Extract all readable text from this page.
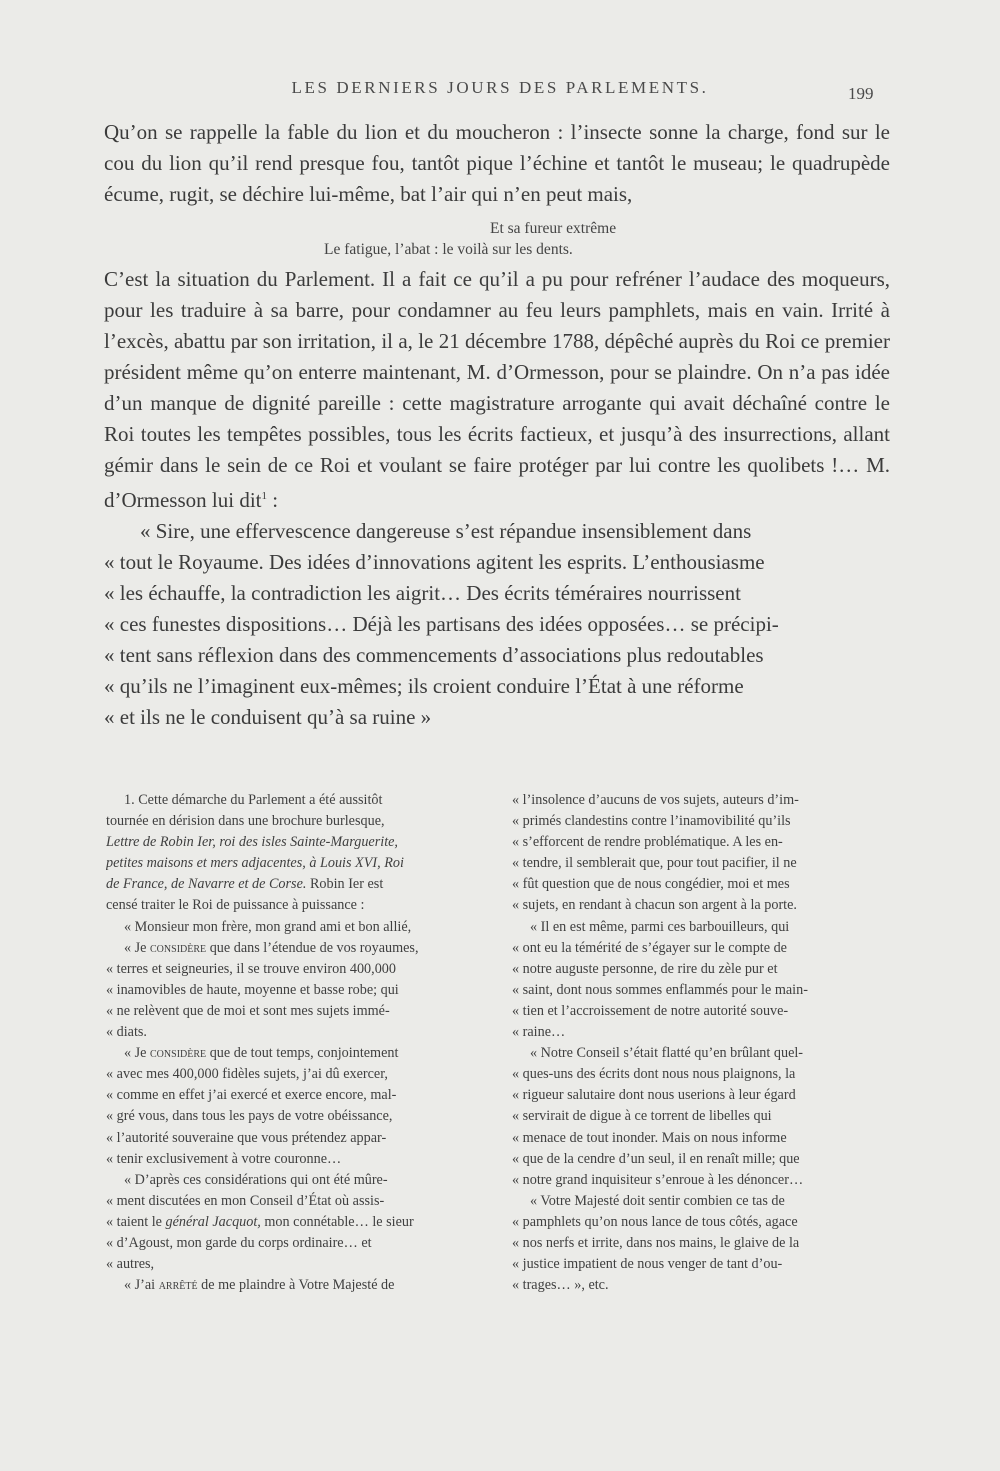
LES DERNIERS JOURS DES PARLEMENTS.	199

Qu’on se rappelle la fable du lion et du moucheron : l’insecte sonne la charge, fond sur le cou du lion qu’il rend presque fou, tantôt pique l’échine et tantôt le museau; le quadrupède écume, rugit, se déchire lui-même, bat l’air qui n’en peut mais,

Et sa fureur extrême
Le fatigue, l’abat : le voilà sur les dents.

C’est la situation du Parlement. Il a fait ce qu’il a pu pour refréner l’audace des moqueurs, pour les traduire à sa barre, pour condamner au feu leurs pamphlets, mais en vain. Irrité à l’excès, abattu par son irritation, il a, le 21 décembre 1788, dépêché auprès du Roi ce premier président même qu’on enterre maintenant, M. d’Ormesson, pour se plaindre. On n’a pas idée d’un manque de dignité pareille : cette magistrature arrogante qui avait déchaîné contre le Roi toutes les tempêtes possibles, tous les écrits factieux, et jusqu’à des insurrections, allant gémir dans le sein de ce Roi et voulant se faire protéger par lui contre les quolibets !… M. d’Ormesson lui dit$^1$ :

« Sire, une effervescence dangereuse s’est répandue insensiblement dans
« tout le Royaume. Des idées d’innovations agitent les esprits. L’enthousiasme
« les échauffe, la contradiction les aigrit… Des écrits téméraires nourrissent
« ces funestes dispositions… Déjà les partisans des idées opposées… se précipi-
« tent sans réflexion dans des commencements d’associations plus redoutables
« qu’ils ne l’imaginent eux-mêmes; ils croient conduire l’État à une réforme
« et ils ne le conduisent qu’à sa ruine »
1. Cette démarche du Parlement a été aussitôt
tournée en dérision dans une brochure burlesque,
Lettre de Robin Ier, roi des isles Sainte-Marguerite,
petites maisons et mers adjacentes, à Louis XVI, Roi
de France, de Navarre et de Corse. Robin Ier est
censé traiter le Roi de puissance à puissance :
« Monsieur mon frère, mon grand ami et bon allié,
« Je considère que dans l’étendue de vos royaumes,
« terres et seigneuries, il se trouve environ 400,000
« inamovibles de haute, moyenne et basse robe; qui
« ne relèvent que de moi et sont mes sujets immé-
« diats.
« Je considère que de tout temps, conjointement
« avec mes 400,000 fidèles sujets, j’ai dû exercer,
« comme en effet j’ai exercé et exerce encore, mal-
« gré vous, dans tous les pays de votre obéissance,
« l’autorité souveraine que vous prétendez appar-
« tenir exclusivement à votre couronne…
« D’après ces considérations qui ont été mûre-
« ment discutées en mon Conseil d’État où assis-
« taient le général Jacquot, mon connétable… le sieur
« d’Agoust, mon garde du corps ordinaire… et
« autres,
« J’ai arrêté de me plaindre à Votre Majesté de
« l’insolence d’aucuns de vos sujets, auteurs d’im-
« primés clandestins contre l’inamovibilité qu’ils
« s’efforcent de rendre problématique. A les en-
« tendre, il semblerait que, pour tout pacifier, il ne
« fût question que de nous congédier, moi et mes
« sujets, en rendant à chacun son argent à la porte.
« Il en est même, parmi ces barbouilleurs, qui
« ont eu la témérité de s’égayer sur le compte de
« notre auguste personne, de rire du zèle pur et
« saint, dont nous sommes enflammés pour le main-
« tien et l’accroissement de notre autorité souve-
« raine…
« Notre Conseil s’était flatté qu’en brûlant quel-
« ques-uns des écrits dont nous nous plaignons, la
« rigueur salutaire dont nous userions à leur égard
« servirait de digue à ce torrent de libelles qui
« menace de tout inonder. Mais on nous informe
« que de la cendre d’un seul, il en renaît mille; que
« notre grand inquisiteur s’enroue à les dénoncer…
« Votre Majesté doit sentir combien ce tas de
« pamphlets qu’on nous lance de tous côtés, agace
« nos nerfs et irrite, dans nos mains, le glaive de la
« justice impatient de nous venger de tant d’ou-
« trages… », etc.
